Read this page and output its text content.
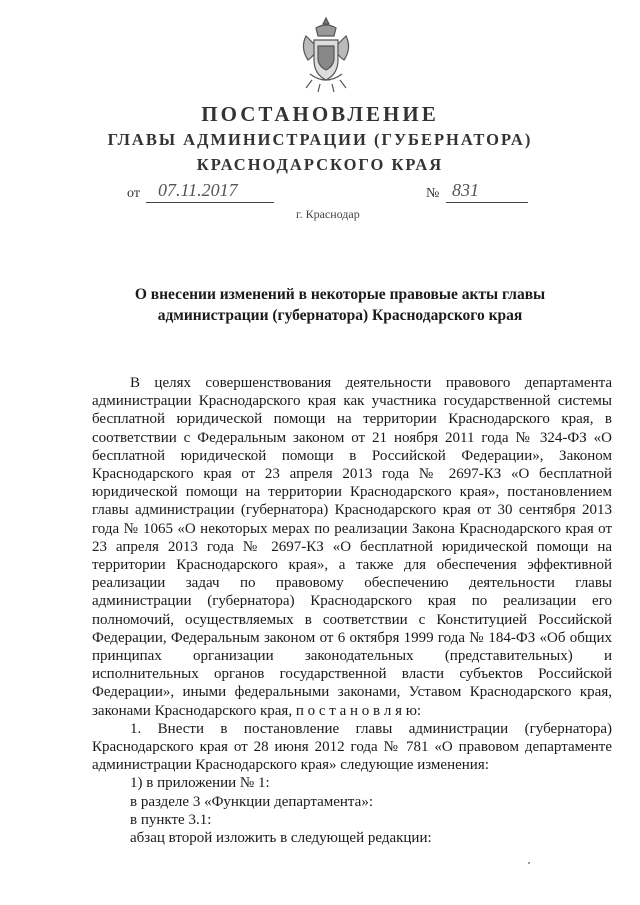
ПОСТАНОВЛЕНИЕ
ГЛАВЫ АДМИНИСТРАЦИИ (ГУБЕРНАТОРА)
КРАСНОДАРСКОГО КРАЯ
от 07.11.2017	№ 831
г. Краснодар
О внесении изменений в некоторые правовые акты главы администрации (губернатора) Краснодарского края

В целях совершенствования деятельности правового департамента администрации Краснодарского края как участника государственной системы бесплатной юридической помощи на территории Краснодарского края, в соответствии с Федеральным законом от 21 ноября 2011 года № 324-ФЗ «О бесплатной юридической помощи в Российской Федерации», Законом Краснодарского края от 23 апреля 2013 года № 2697-КЗ «О бесплатной юридической помощи на территории Краснодарского края», постановлением главы администрации (губернатора) Краснодарского края от 30 сентября 2013 года № 1065 «О некоторых мерах по реализации Закона Краснодарского края от 23 апреля 2013 года № 2697-КЗ «О бесплатной юридической помощи на территории Краснодарского края», а также для обеспечения эффективной реализации задач по правовому обеспечению деятельности главы администрации (губернатора) Краснодарского края по реализации его полномочий, осуществляемых в соответствии с Конституцией Российской Федерации, Федеральным законом от 6 октября 1999 года № 184-ФЗ «Об общих принципах организации законодательных (представительных) и исполнительных органов государственной власти субъектов Российской Федерации», иными федеральными законами, Уставом Краснодарского края, законами Краснодарского края, п о с т а н о в л я ю:

1. Внести в постановление главы администрации (губернатора) Краснодарского края от 28 июня 2012 года № 781 «О правовом департаменте администрации Краснодарского края» следующие изменения:

1) в приложении № 1:

в разделе 3 «Функции департамента»:

в пункте 3.1:

абзац второй изложить в следующей редакции:
